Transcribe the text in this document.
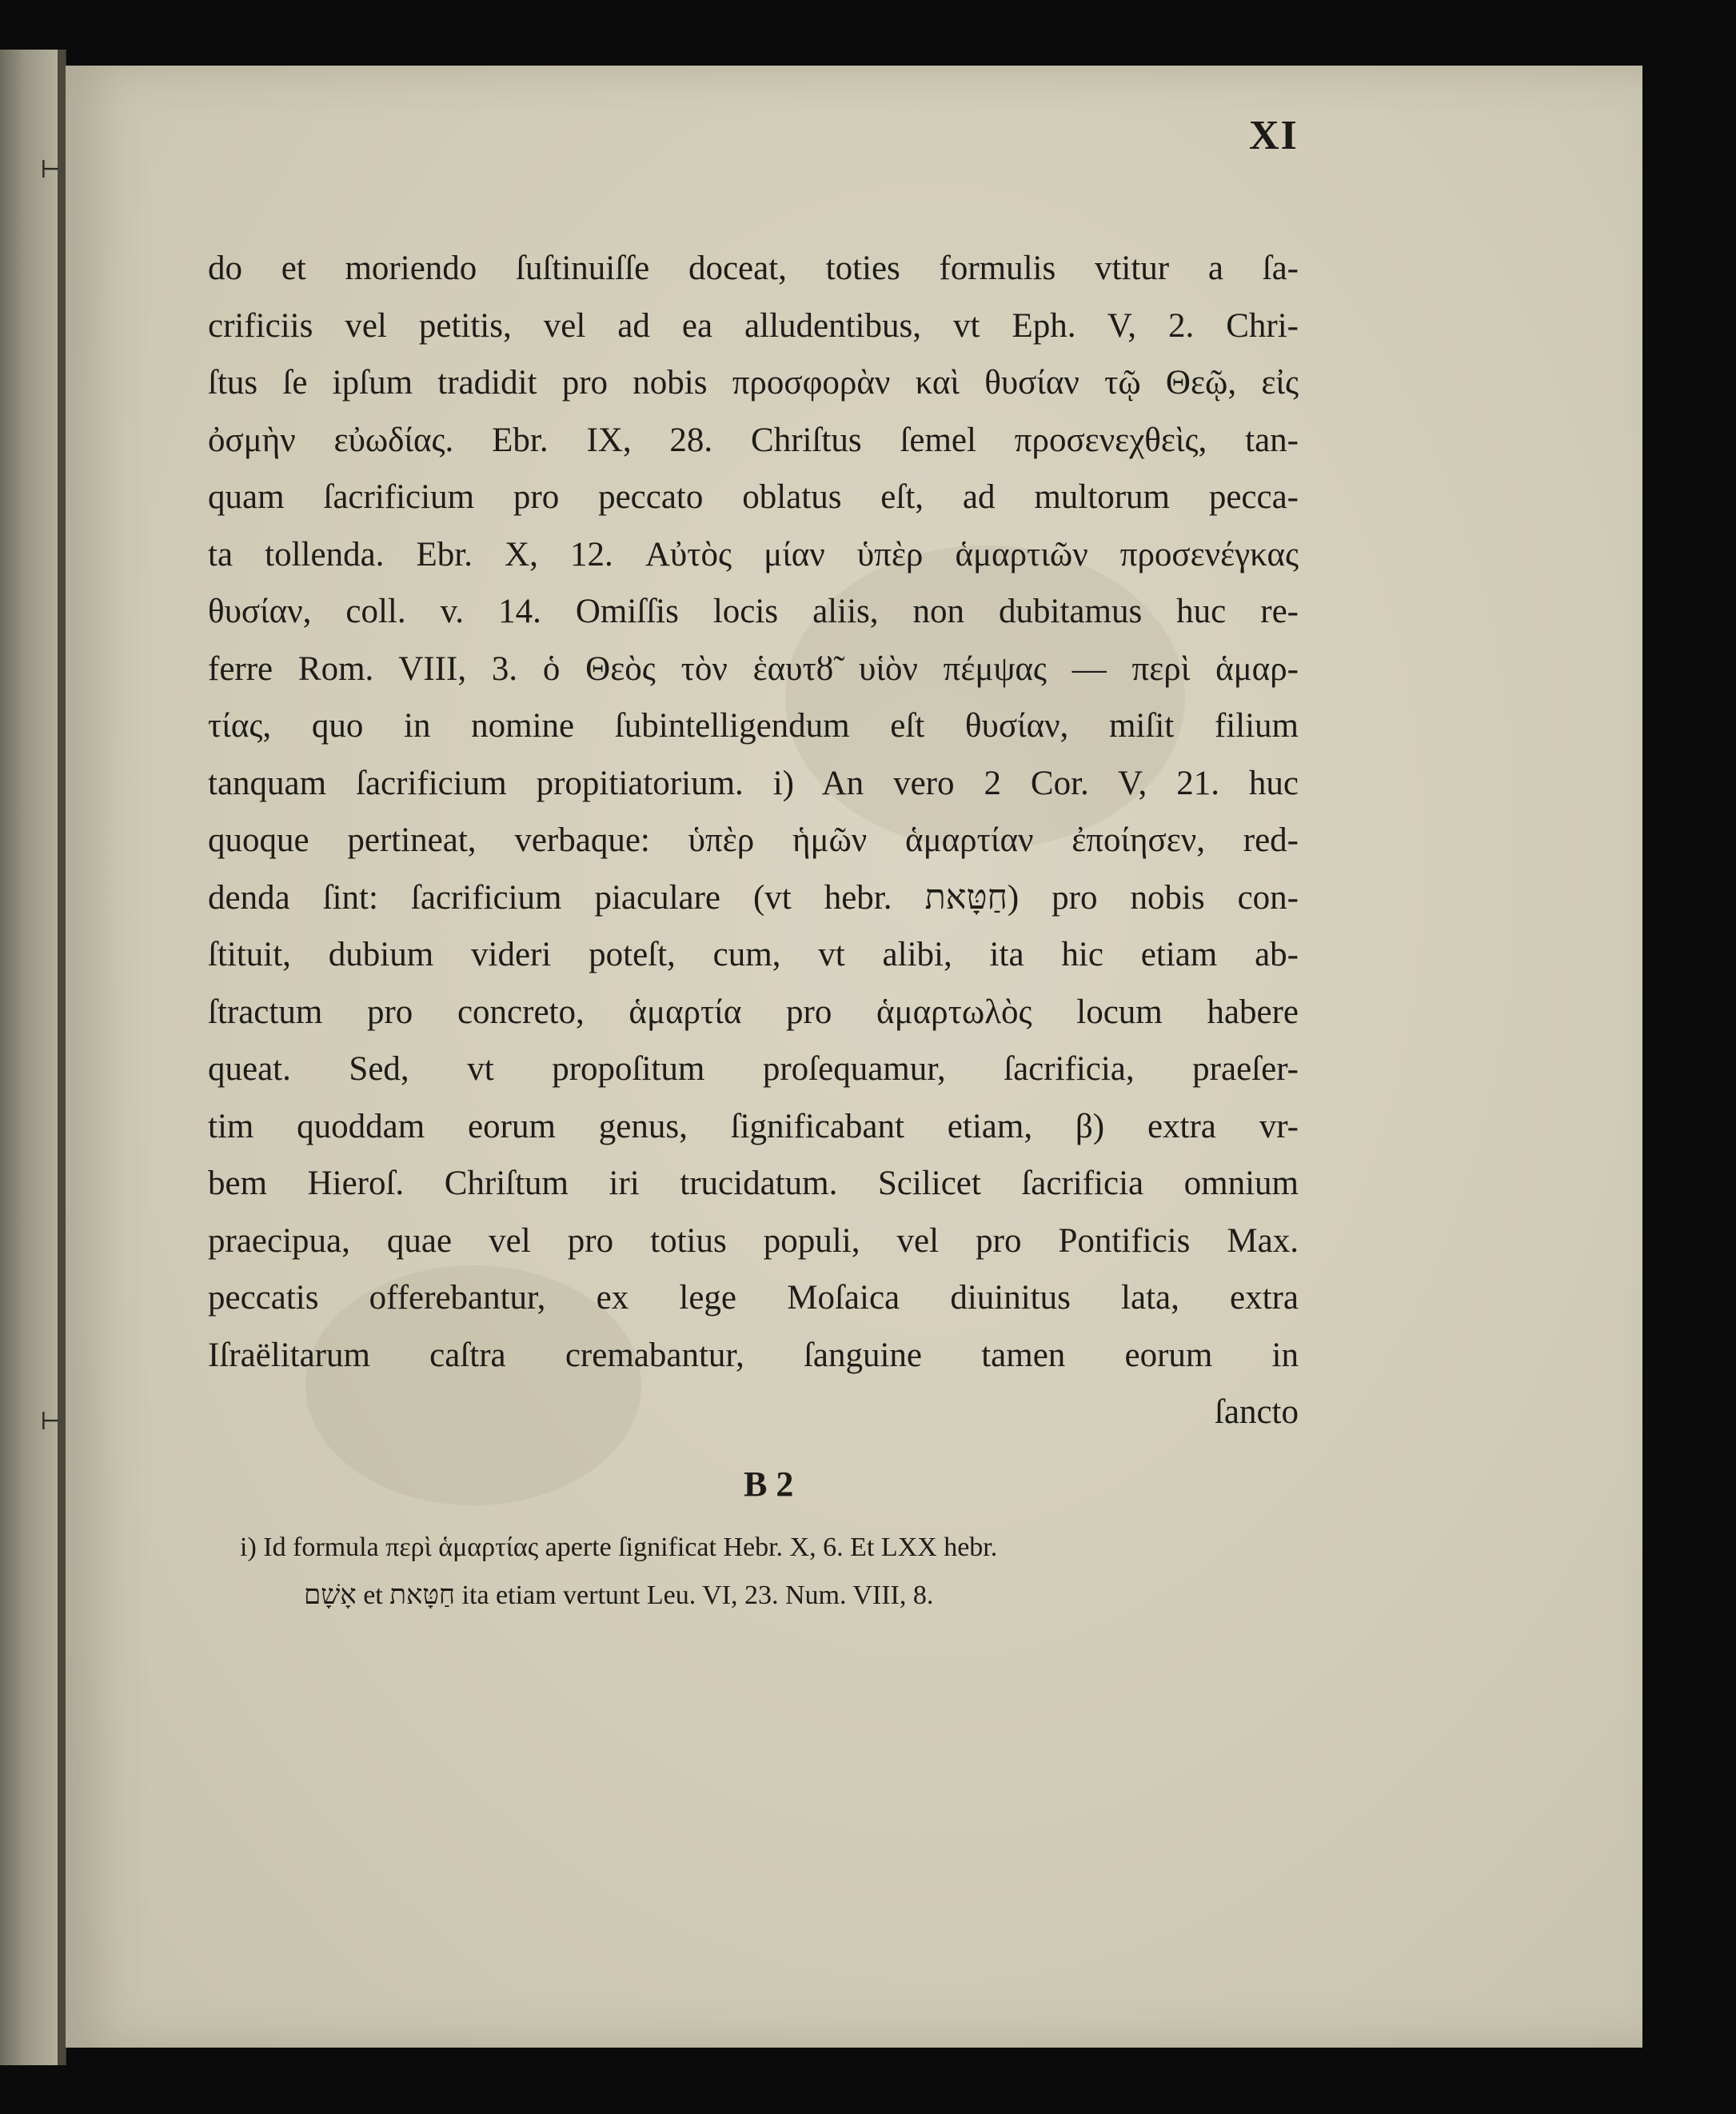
⊢
⊢
XI
do et moriendo ſuſtinuiſſe doceat, toties formulis vtitur a ſa-
crificiis vel petitis, vel ad ea alludentibus, vt Eph. V, 2. Chri-
ſtus ſe ipſum tradidit pro nobis προσφορὰν καὶ θυσίαν τῷ Θεῷ, εἰς
ὀσμὴν εὐωδίας. Ebr. IX, 28. Chriſtus ſemel προσενεχθεὶς, tan-
quam ſacrificium pro peccato oblatus eſt, ad multorum pecca-
ta tollenda. Ebr. X, 12. Αὐτὸς μίαν ὑπὲρ ἁμαρτιῶν προσενέγκας
θυσίαν, coll. v. 14. Omiſſis locis aliis, non dubitamus huc re-
ferre Rom. VIII, 3. ὁ Θεὸς τὸν ἑαυτȣ̃ υἱὸν πέμψας — περὶ ἁμαρ-
τίας, quo in nomine ſubintelligendum eſt θυσίαν, miſit filium
tanquam ſacrificium propitiatorium. i) An vero 2 Cor. V, 21. huc
quoque pertineat, verbaque: ὑπὲρ ἡμῶν ἁμαρτίαν ἐποίησεν, red-
denda ſint: ſacrificium piaculare (vt hebr. חַטָּאת) pro nobis con-
ſtituit, dubium videri poteſt, cum, vt alibi, ita hic etiam ab-
ſtractum pro concreto, ἁμαρτία pro ἁμαρτωλὸς locum habere
queat. Sed, vt propoſitum proſequamur, ſacrificia, praeſer-
tim quoddam eorum genus, ſignificabant etiam, β) extra vr-
bem Hieroſ. Chriſtum iri trucidatum. Scilicet ſacrificia omnium
praecipua, quae vel pro totius populi, vel pro Pontificis Max.
peccatis offerebantur, ex lege Moſaica diuinitus lata, extra
Iſraëlitarum caſtra cremabantur, ſanguine tamen eorum in
ſancto
B 2
i) Id formula περὶ ἁμαρτίας aperte ſignificat Hebr. X, 6. Et LXX hebr.
אָשָׁם et חַטָּאת ita etiam vertunt Leu. VI, 23. Num. VIII, 8.
